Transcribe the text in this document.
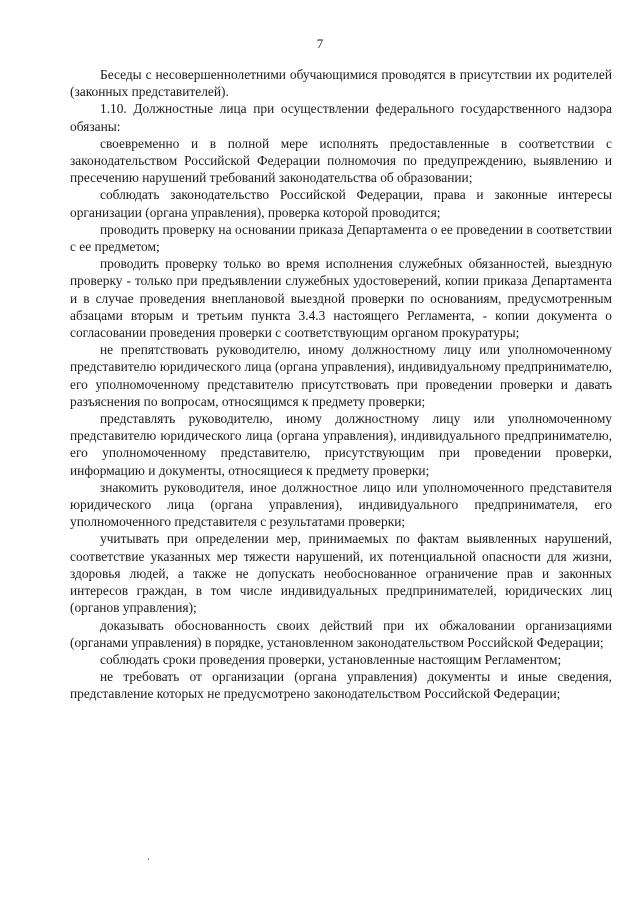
7

Беседы с несовершеннолетними обучающимися проводятся в присутствии их родителей (законных представителей).

1.10. Должностные лица при осуществлении федерального государственного надзора обязаны:

своевременно и в полной мере исполнять предоставленные в соответствии с законодательством Российской Федерации полномочия по предупреждению, выявлению и пресечению нарушений требований законодательства об образовании;

соблюдать законодательство Российской Федерации, права и законные интересы организации (органа управления), проверка которой проводится;

проводить проверку на основании приказа Департамента о ее проведении в соответствии с ее предметом;

проводить проверку только во время исполнения служебных обязанностей, выездную проверку - только при предъявлении служебных удостоверений, копии приказа Департамента и в случае проведения внеплановой выездной проверки по основаниям, предусмотренным абзацами вторым и третьим пункта 3.4.3 настоящего Регламента, - копии документа о согласовании проведения проверки с соответствующим органом прокуратуры;

не препятствовать руководителю, иному должностному лицу или уполномоченному представителю юридического лица (органа управления), индивидуальному предпринимателю, его уполномоченному представителю присутствовать при проведении проверки и давать разъяснения по вопросам, относящимся к предмету проверки;

представлять руководителю, иному должностному лицу или уполномоченному представителю юридического лица (органа управления), индивидуального предпринимателю, его уполномоченному представителю, присутствующим при проведении проверки, информацию и документы, относящиеся к предмету проверки;

знакомить руководителя, иное должностное лицо или уполномоченного представителя юридического лица (органа управления), индивидуального предпринимателя, его уполномоченного представителя с результатами проверки;

учитывать при определении мер, принимаемых по фактам выявленных нарушений, соответствие указанных мер тяжести нарушений, их потенциальной опасности для жизни, здоровья людей, а также не допускать необоснованное ограничение прав и законных интересов граждан, в том числе индивидуальных предпринимателей, юридических лиц (органов управления);

доказывать обоснованность своих действий при их обжаловании организациями (органами управления) в порядке, установленном законодательством Российской Федерации;

соблюдать сроки проведения проверки, установленные настоящим Регламентом;

не требовать от организации (органа управления) документы и иные сведения, представление которых не предусмотрено законодательством Российской Федерации;
